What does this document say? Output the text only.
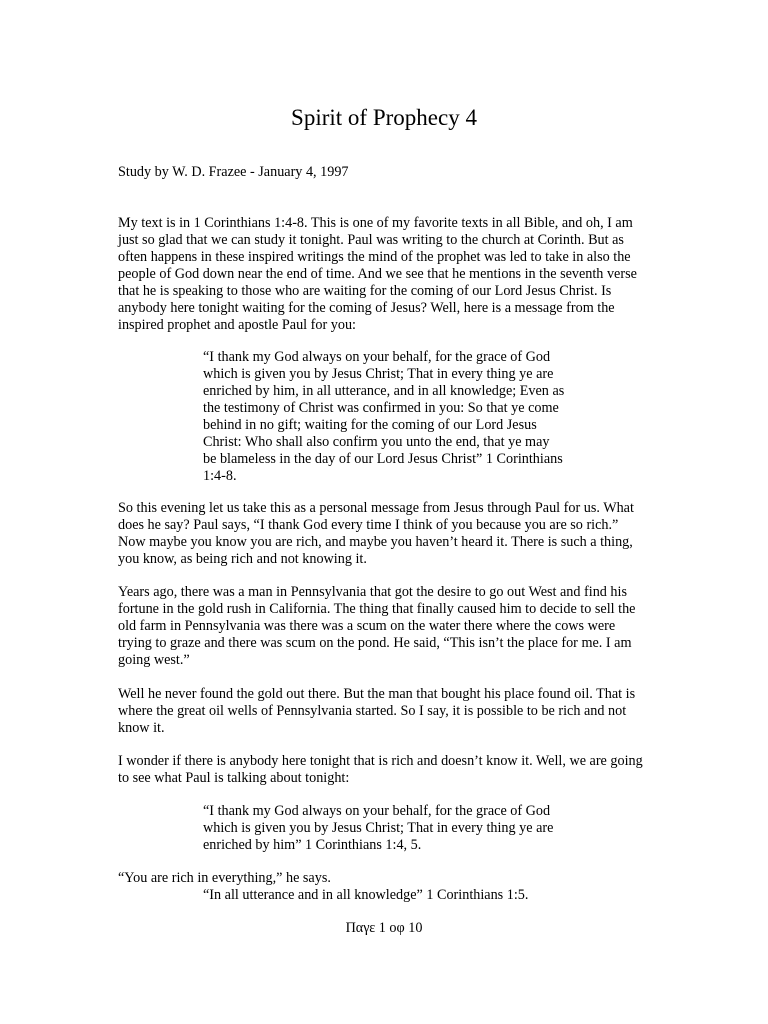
Spirit of Prophecy 4

Study by W. D. Frazee - January 4, 1997

My text is in 1 Corinthians 1:4-8. This is one of my favorite texts in all Bible, and oh, I am
just so glad that we can study it tonight. Paul was writing to the church at Corinth. But as
often happens in these inspired writings the mind of the prophet was led to take in also the
people of God down near the end of time. And we see that he mentions in the seventh verse
that he is speaking to those who are waiting for the coming of our Lord Jesus Christ. Is
anybody here tonight waiting for the coming of Jesus? Well, here is a message from the
inspired prophet and apostle Paul for you:

“I thank my God always on your behalf, for the grace of God
which is given you by Jesus Christ; That in every thing ye are
enriched by him, in all utterance, and in all knowledge; Even as
the testimony of Christ was confirmed in you: So that ye come
behind in no gift; waiting for the coming of our Lord Jesus
Christ: Who shall also confirm you unto the end, that ye may
be blameless in the day of our Lord Jesus Christ” 1 Corinthians
1:4-8.

So this evening let us take this as a personal message from Jesus through Paul for us. What
does he say? Paul says, “I thank God every time I think of you because you are so rich.”
Now maybe you know you are rich, and maybe you haven’t heard it. There is such a thing,
you know, as being rich and not knowing it.

Years ago, there was a man in Pennsylvania that got the desire to go out West and find his
fortune in the gold rush in California. The thing that finally caused him to decide to sell the
old farm in Pennsylvania was there was a scum on the water there where the cows were
trying to graze and there was scum on the pond. He said, “This isn’t the place for me. I am
going west.”

Well he never found the gold out there. But the man that bought his place found oil. That is
where the great oil wells of Pennsylvania started. So I say, it is possible to be rich and not
know it.

I wonder if there is anybody here tonight that is rich and doesn’t know it. Well, we are going
to see what Paul is talking about tonight:

“I thank my God always on your behalf, for the grace of God
which is given you by Jesus Christ; That in every thing ye are
enriched by him” 1 Corinthians 1:4, 5.

“You are rich in everything,” he says.

“In all utterance and in all knowledge” 1 Corinthians 1:5.

Παγε 1 οφ 10
